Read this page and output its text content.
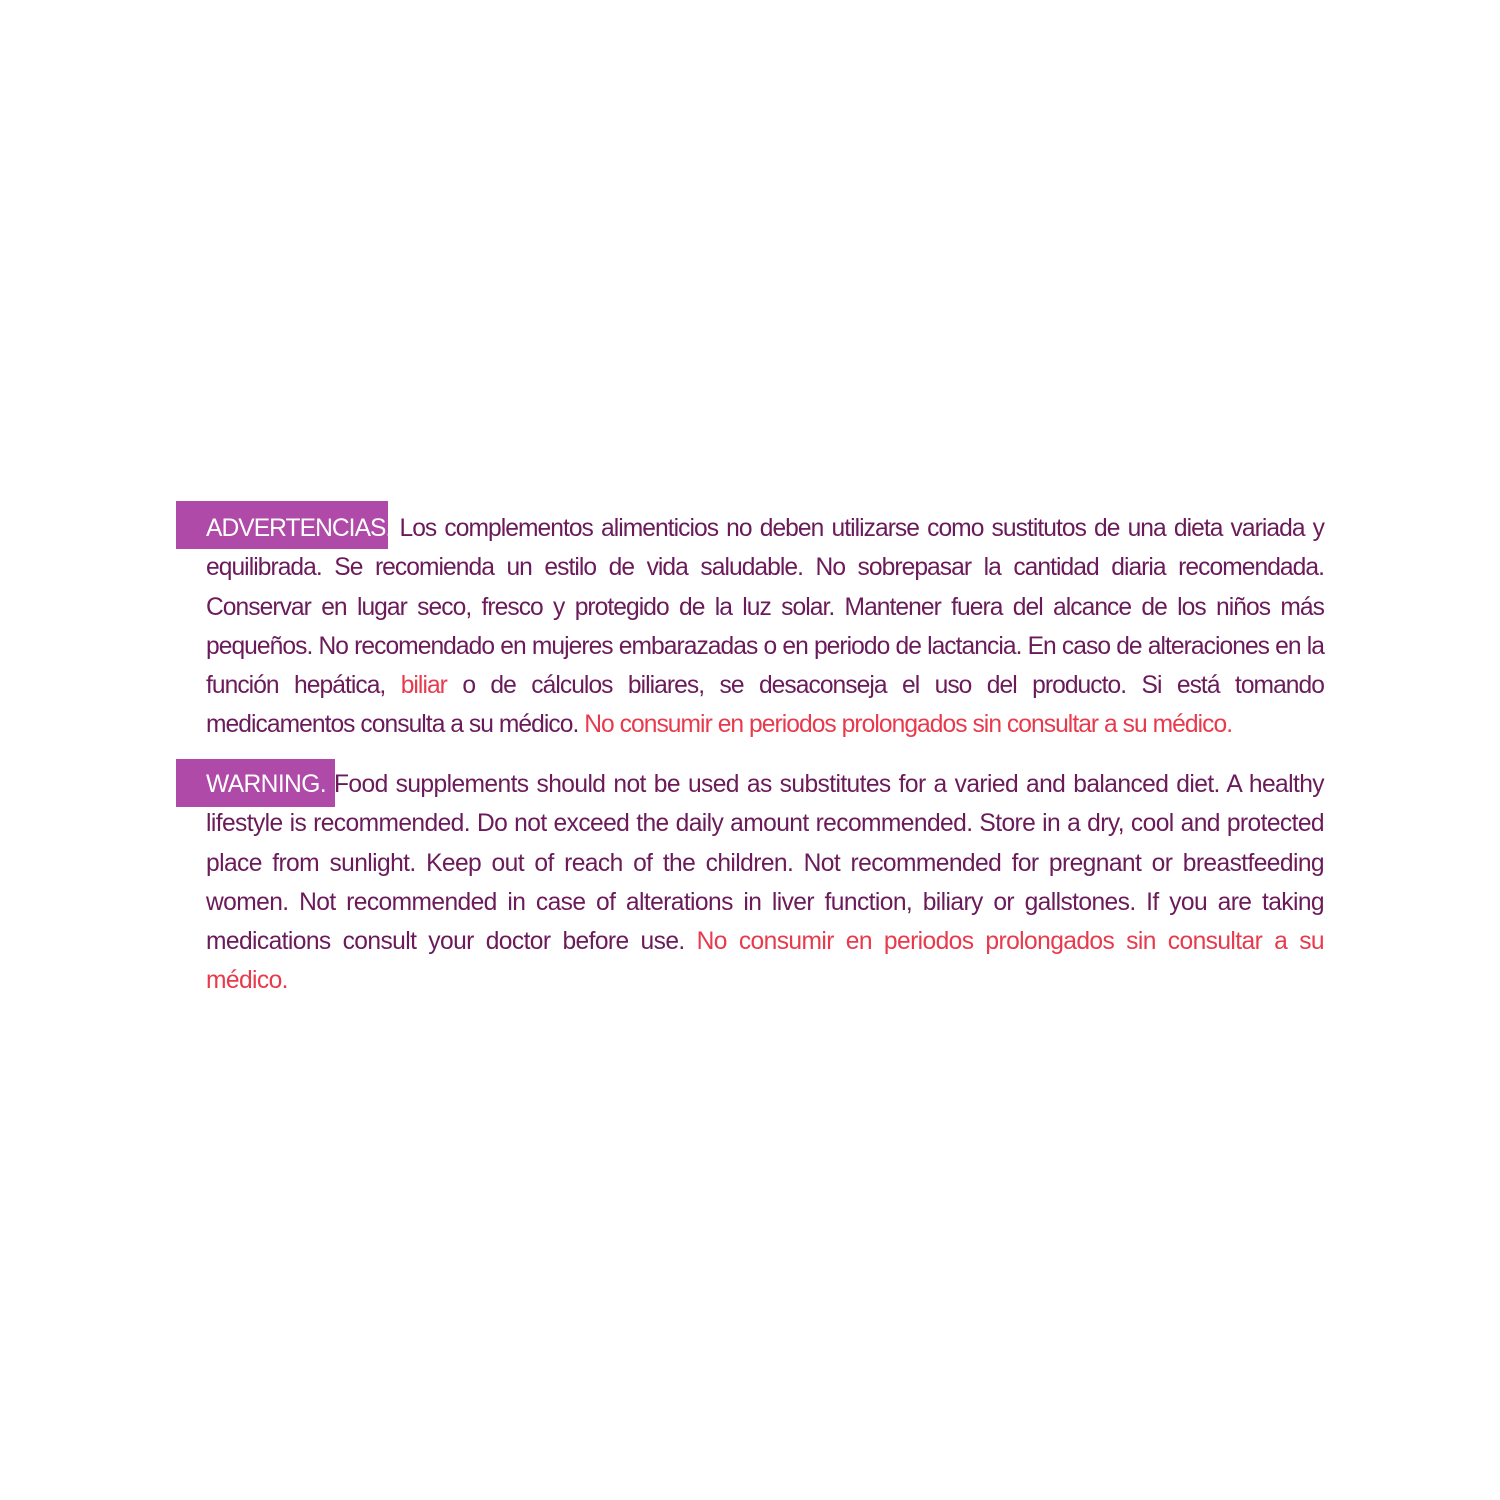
ADVERTENCIAS. Los complementos alimenticios no deben utilizarse como sustitutos de una dieta variada y equilibrada. Se recomienda un estilo de vida saludable. No sobrepasar la cantidad diaria recomendada. Conservar en lugar seco, fresco y protegido de la luz solar. Mantener fuera del alcance de los niños más pequeños. No recomendado en mujeres embarazadas o en periodo de lactancia. En caso de alteraciones en la función hepática, biliar o de cálculos biliares, se desaconseja el uso del producto. Si está tomando medicamentos consulta a su médico. No consumir en periodos prolongados sin consultar a su médico.
WARNING. Food supplements should not be used as substitutes for a varied and balanced diet. A healthy lifestyle is recommended. Do not exceed the daily amount recommended. Store in a dry, cool and protected place from sunlight. Keep out of reach of the children. Not recommended for pregnant or breastfeeding women. Not recommended in case of alterations in liver function, biliary or gallstones. If you are taking medications consult your doctor before use. No consumir en periodos prolongados sin consultar a su médico.
